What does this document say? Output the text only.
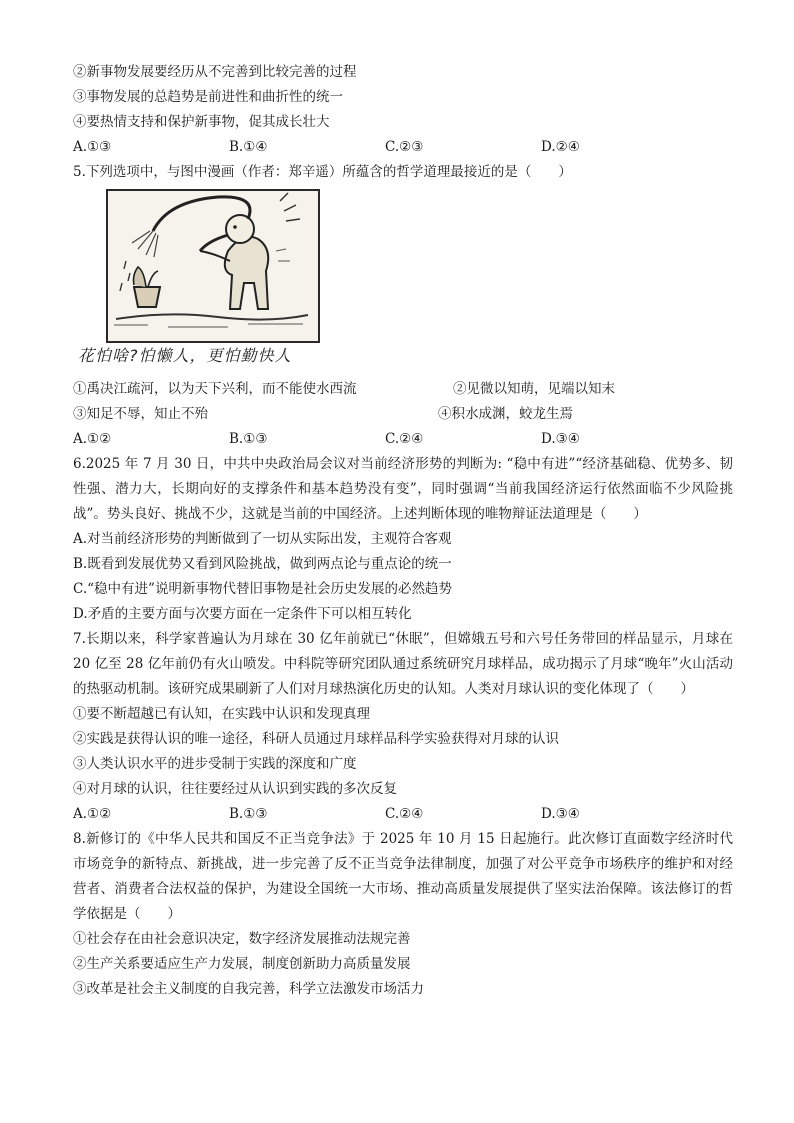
②新事物发展要经历从不完善到比较完善的过程
③事物发展的总趋势是前进性和曲折性的统一
④要热情支持和保护新事物，促其成长壮大
A.①③	B.①④	C.②③	D.②④
5.下列选项中，与图中漫画（作者：郑辛遥）所蕴含的哲学道理最接近的是（　　）
花怕啥?怕懒人，更怕勤快人
①禹决江疏河，以为天下兴利，而不能使水西流	②见微以知萌，见端以知末
③知足不辱，知止不殆	④积水成渊，蛟龙生焉
A.①②	B.①③	C.②④	D.③④
6.2025 年 7 月 30 日，中共中央政治局会议对当前经济形势的判断为: “稳中有进”“经济基础稳、优势多、韧性强、潜力大，长期向好的支撑条件和基本趋势没有变”，同时强调“当前我国经济运行依然面临不少风险挑战”。势头良好、挑战不少，这就是当前的中国经济。上述判断体现的唯物辩证法道理是（　　）
A.对当前经济形势的判断做到了一切从实际出发，主观符合客观
B.既看到发展优势又看到风险挑战，做到两点论与重点论的统一
C.“稳中有进”说明新事物代替旧事物是社会历史发展的必然趋势
D.矛盾的主要方面与次要方面在一定条件下可以相互转化
7.长期以来，科学家普遍认为月球在 30 亿年前就已“休眠”，但嫦娥五号和六号任务带回的样品显示，月球在 20 亿至 28 亿年前仍有火山喷发。中科院等研究团队通过系统研究月球样品，成功揭示了月球“晚年”火山活动的热驱动机制。该研究成果刷新了人们对月球热演化历史的认知。人类对月球认识的变化体现了（　　）
①要不断超越已有认知，在实践中认识和发现真理
②实践是获得认识的唯一途径，科研人员通过月球样品科学实验获得对月球的认识
③人类认识水平的进步受制于实践的深度和广度
④对月球的认识，往往要经过从认识到实践的多次反复
A.①②	B.①③	C.②④	D.③④
8.新修订的《中华人民共和国反不正当竞争法》于 2025 年 10 月 15 日起施行。此次修订直面数字经济时代市场竞争的新特点、新挑战，进一步完善了反不正当竞争法律制度，加强了对公平竞争市场秩序的维护和对经营者、消费者合法权益的保护，为建设全国统一大市场、推动高质量发展提供了坚实法治保障。该法修订的哲学依据是（　　）
①社会存在由社会意识决定，数字经济发展推动法规完善
②生产关系要适应生产力发展，制度创新助力高质量发展
③改革是社会主义制度的自我完善，科学立法激发市场活力
